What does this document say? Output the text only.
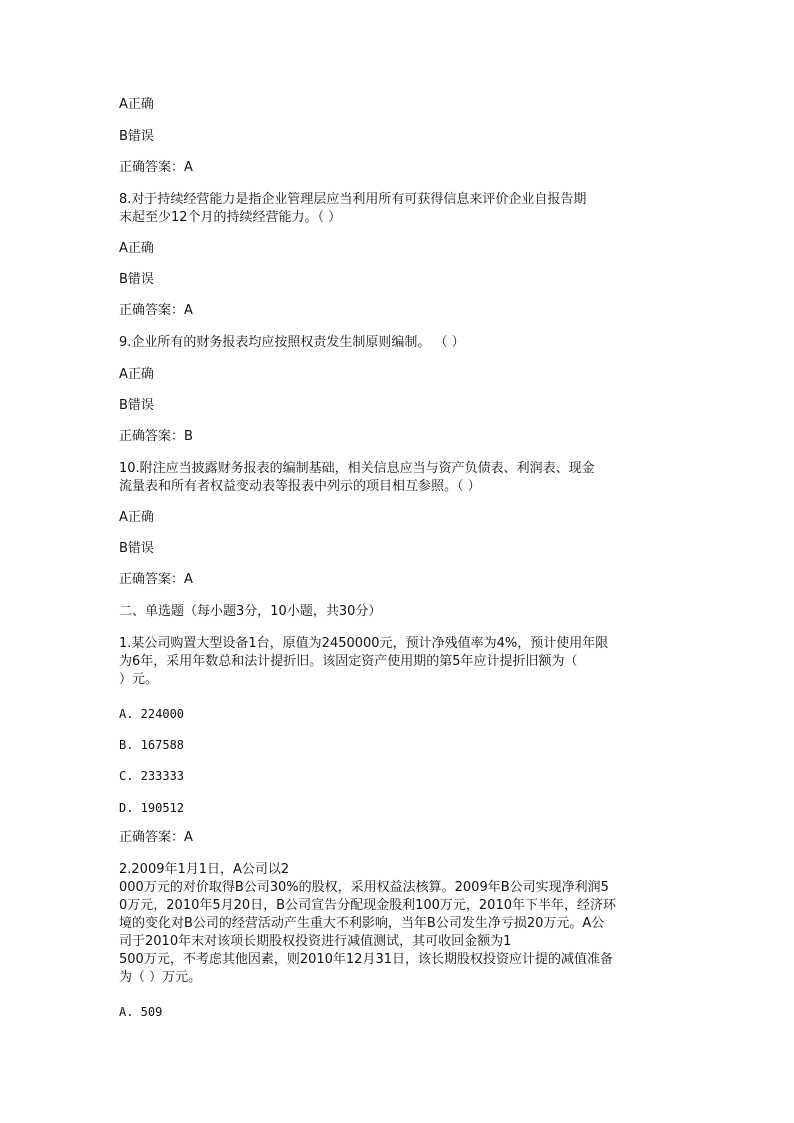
A正确
B错误
正确答案：A
8.对于持续经营能力是指企业管理层应当利用所有可获得信息来评价企业自报告期
末起至少12个月的持续经营能力。（ ）
A正确
B错误
正确答案：A
9.企业所有的财务报表均应按照权责发生制原则编制。 （ ）
A正确
B错误
正确答案：B
10.附注应当披露财务报表的编制基础，相关信息应当与资产负债表、利润表、现金
流量表和所有者权益变动表等报表中列示的项目相互参照。（ ）
A正确
B错误
正确答案：A
二、单选题（每小题3分，10小题，共30分）
1.某公司购置大型设备1台，原值为2450000元，预计净残值率为4%，预计使用年限
为6年，采用年数总和法计提折旧。该固定资产使用期的第5年应计提折旧额为（
）元。
A. 224000
B. 167588
C. 233333
D. 190512
正确答案：A
2.2009年1月1日，A公司以2
000万元的对价取得B公司30%的股权，采用权益法核算。2009年B公司实现净利润5
0万元，2010年5月20日，B公司宣告分配现金股利100万元，2010年下半年，经济环
境的变化对B公司的经营活动产生重大不利影响，当年B公司发生净亏损20万元。A公
司于2010年末对该项长期股权投资进行减值测试，其可收回金额为1
500万元，不考虑其他因素，则2010年12月31日，该长期股权投资应计提的减值准备
为（ ）万元。
A. 509
